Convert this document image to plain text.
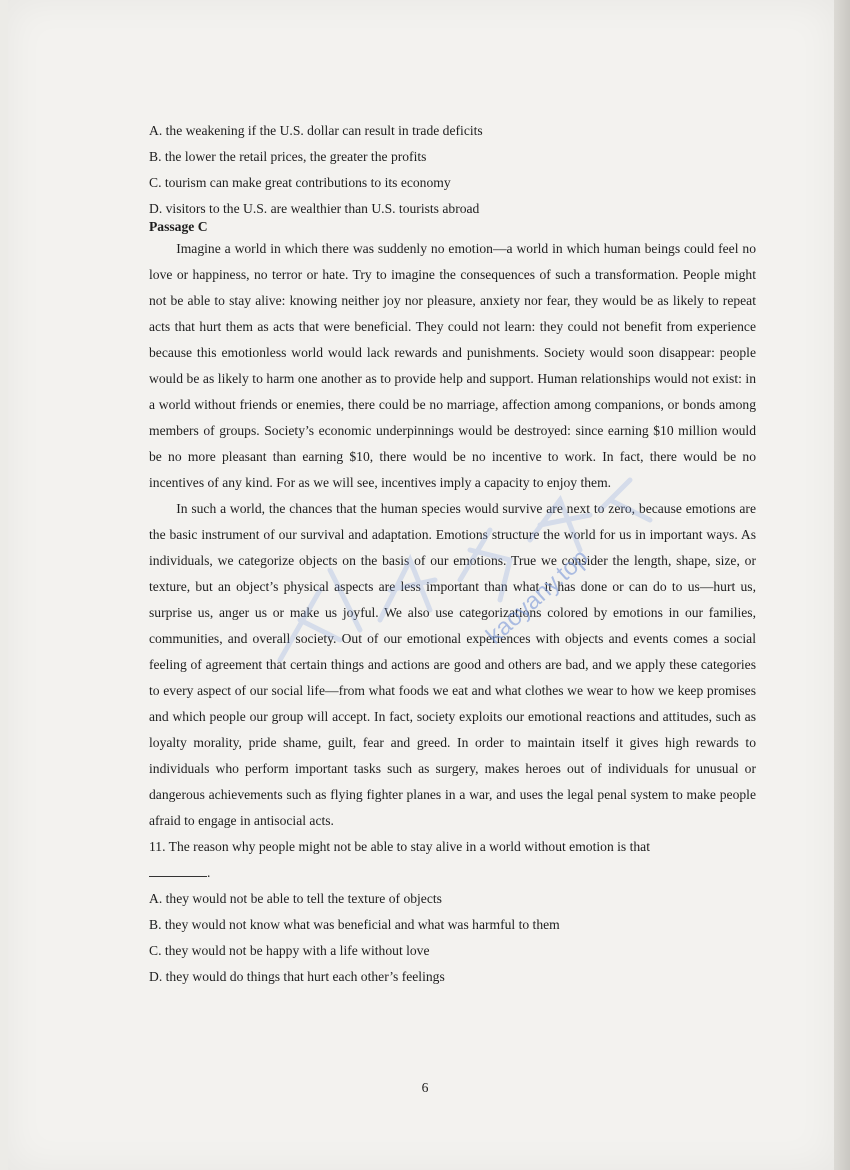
A. the weakening if the U.S. dollar can result in trade deficits

B. the lower the retail prices, the greater the profits

C. tourism can make great contributions to its economy

D. visitors to the U.S. are wealthier than U.S. tourists abroad

Passage C

Imagine a world in which there was suddenly no emotion—a world in which human beings could feel no love or happiness, no terror or hate. Try to imagine the consequences of such a transformation. People might not be able to stay alive: knowing neither joy nor pleasure, anxiety nor fear, they would be as likely to repeat acts that hurt them as acts that were beneficial. They could not learn: they could not benefit from experience because this emotionless world would lack rewards and punishments. Society would soon disappear: people would be as likely to harm one another as to provide help and support. Human relationships would not exist: in a world without friends or enemies, there could be no marriage, affection among companions, or bonds among members of groups. Society’s economic underpinnings would be destroyed: since earning $10 million would be no more pleasant than earning $10, there would be no incentive to work. In fact, there would be no incentives of any kind. For as we will see, incentives imply a capacity to enjoy them.

In such a world, the chances that the human species would survive are next to zero, because emotions are the basic instrument of our survival and adaptation. Emotions structure the world for us in important ways. As individuals, we categorize objects on the basis of our emotions. True we consider the length, shape, size, or texture, but an object’s physical aspects are less important than what it has done or can do to us—hurt us, surprise us, anger us or make us joyful. We also use categorizations colored by emotions in our families, communities, and overall society. Out of our emotional experiences with objects and events comes a social feeling of agreement that certain things and actions are good and others are bad, and we apply these categories to every aspect of our social life—from what foods we eat and what clothes we wear to how we keep promises and which people our group will accept. In fact, society exploits our emotional reactions and attitudes, such as loyalty morality, pride shame, guilt, fear and greed. In order to maintain itself it gives high rewards to individuals who perform important tasks such as surgery, makes heroes out of individuals for unusual or dangerous achievements such as flying fighter planes in a war, and uses the legal penal system to make people afraid to engage in antisocial acts.

11. The reason why people might not be able to stay alive in a world without emotion is that
.

A. they would not be able to tell the texture of objects

B. they would not know what was beneficial and what was harmful to them

C. they would not be happy with a life without love

D. they would do things that hurt each other’s feelings

kaoyany.top
6
